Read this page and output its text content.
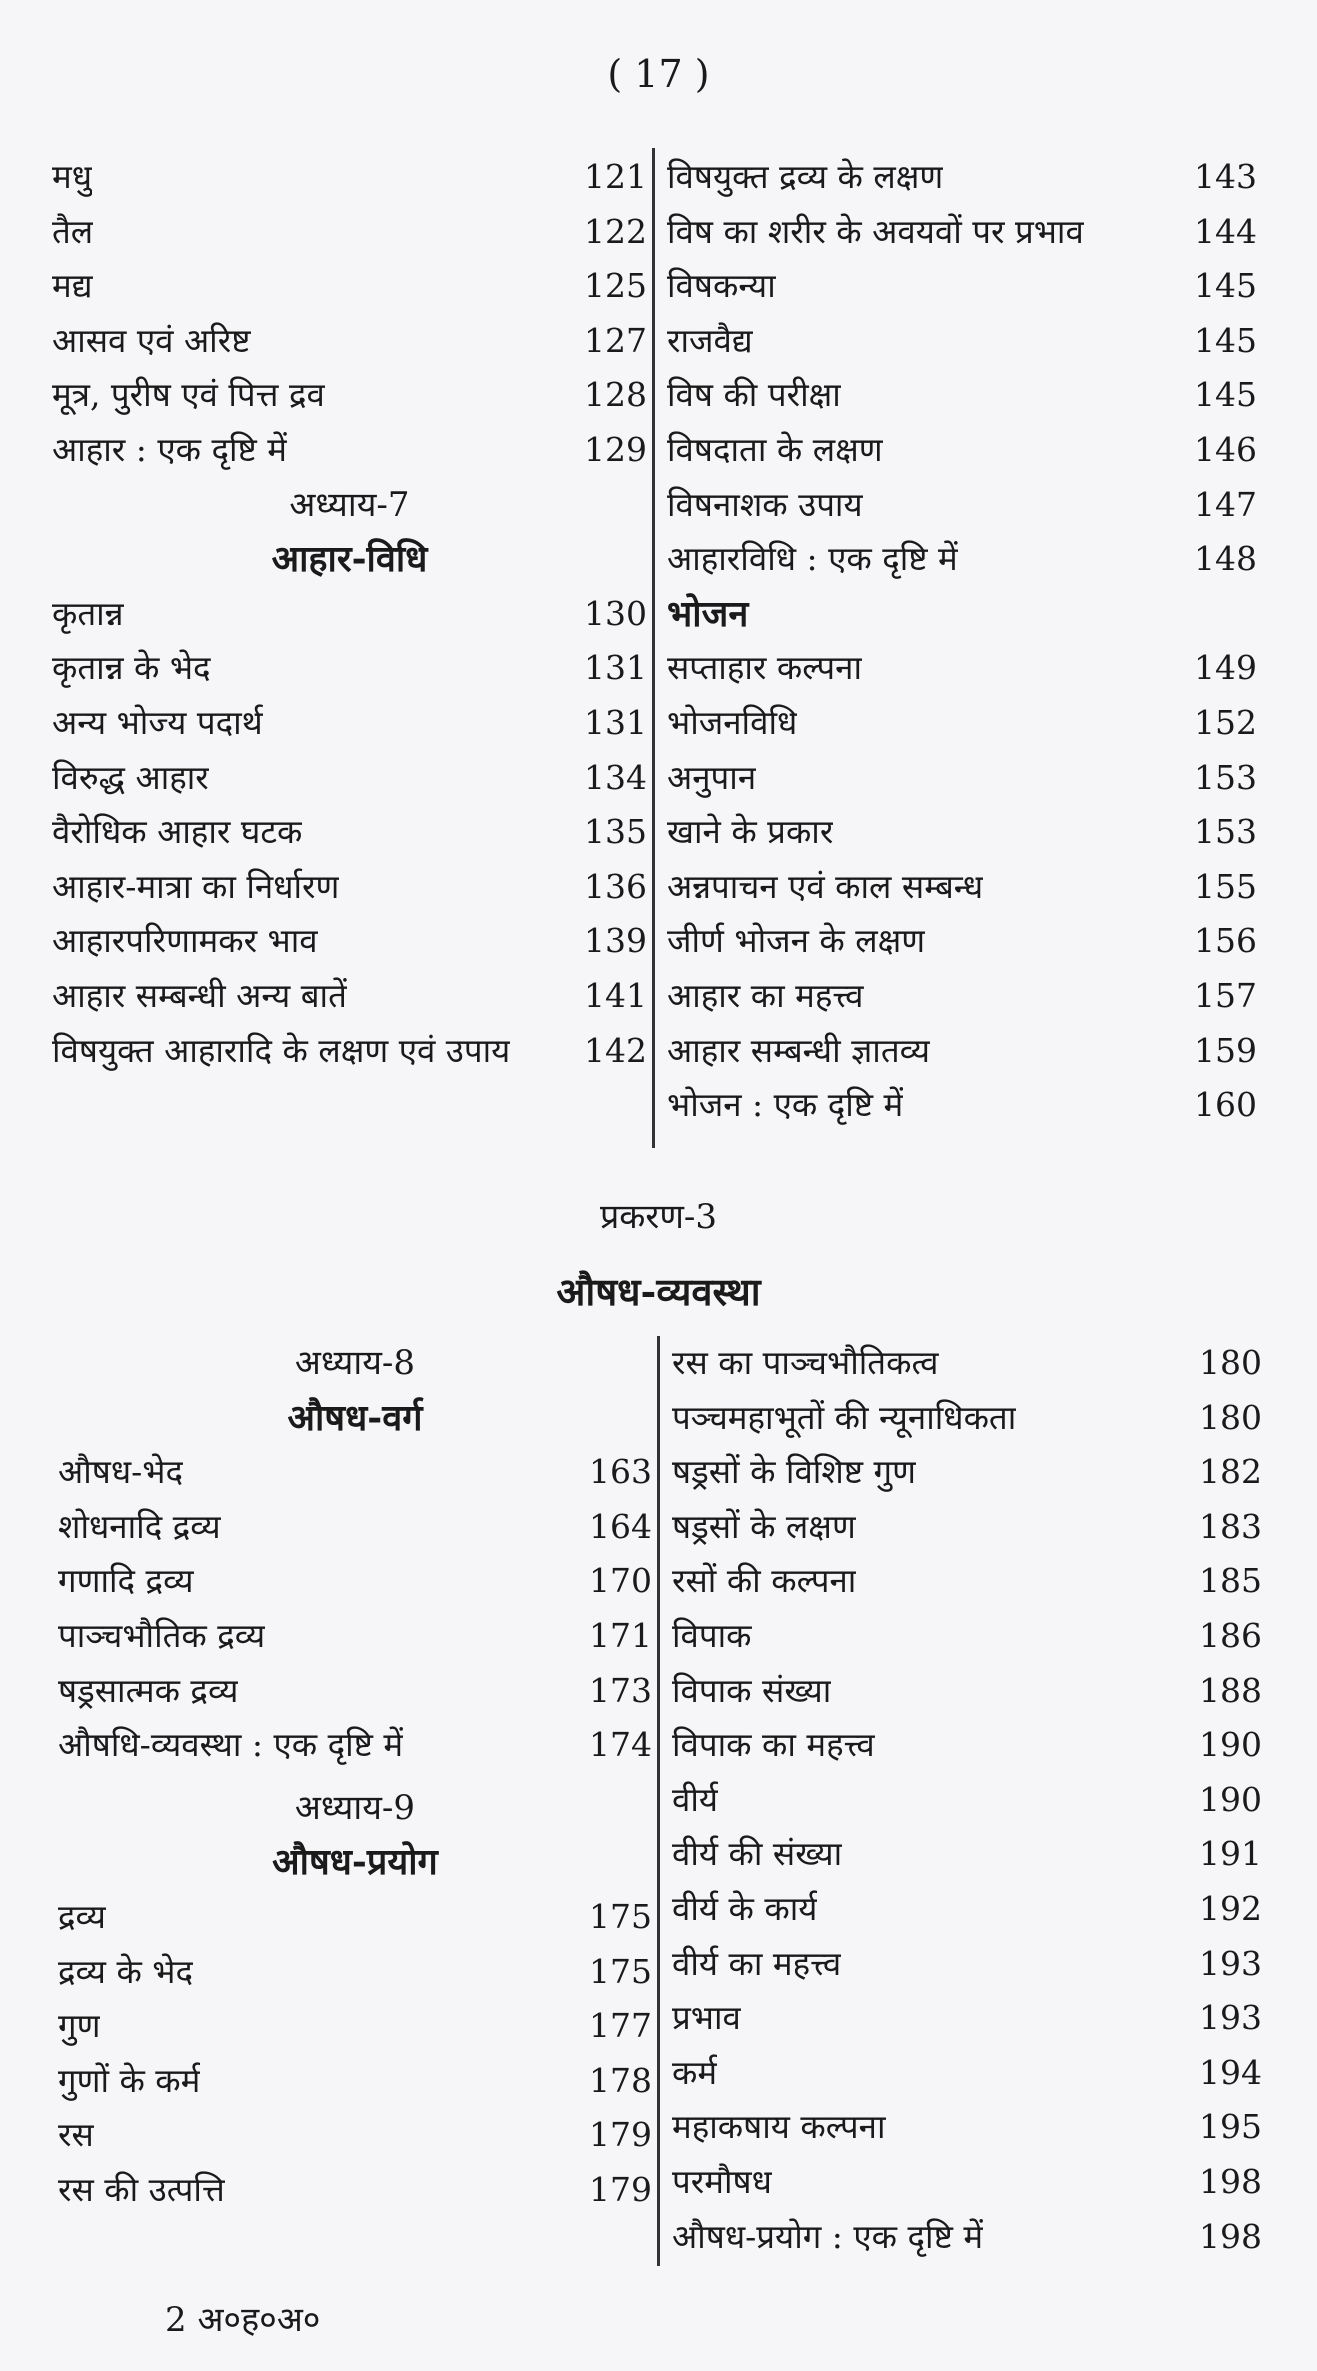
( 17 )
मधु	121
तैल	122
मद्य	125
आसव एवं अरिष्ट	127
मूत्र, पुरीष एवं पित्त द्रव	128
आहार : एक दृष्टि में	129
अध्याय-7
आहार-विधि
कृतान्न	130
कृतान्न के भेद	131
अन्य भोज्य पदार्थ	131
विरुद्ध आहार	134
वैरोधिक आहार घटक	135
आहार-मात्रा का निर्धारण	136
आहारपरिणामकर भाव	139
आहार सम्बन्धी अन्य बातें	141
विषयुक्त आहारादि के लक्षण एवं उपाय	142
विषयुक्त द्रव्य के लक्षण	143
विष का शरीर के अवयवों पर प्रभाव	144
विषकन्या	145
राजवैद्य	145
विष की परीक्षा	145
विषदाता के लक्षण	146
विषनाशक उपाय	147
आहारविधि : एक दृष्टि में	148
भोजन
सप्ताहार कल्पना	149
भोजनविधि	152
अनुपान	153
खाने के प्रकार	153
अन्नपाचन एवं काल सम्बन्ध	155
जीर्ण भोजन के लक्षण	156
आहार का महत्त्व	157
आहार सम्बन्धी ज्ञातव्य	159
भोजन : एक दृष्टि में	160
प्रकरण-3
औषध-व्यवस्था
अध्याय-8
औषध-वर्ग
औषध-भेद	163
शोधनादि द्रव्य	164
गणादि द्रव्य	170
पाञ्चभौतिक द्रव्य	171
षड्रसात्मक द्रव्य	173
औषधि-व्यवस्था : एक दृष्टि में	174
अध्याय-9
औषध-प्रयोग
द्रव्य	175
द्रव्य के भेद	175
गुण	177
गुणों के कर्म	178
रस	179
रस की उत्पत्ति	179
रस का पाञ्चभौतिकत्व	180
पञ्चमहाभूतों की न्यूनाधिकता	180
षड्रसों के विशिष्ट गुण	182
षड्रसों के लक्षण	183
रसों की कल्पना	185
विपाक	186
विपाक संख्या	188
विपाक का महत्त्व	190
वीर्य	190
वीर्य की संख्या	191
वीर्य के कार्य	192
वीर्य का महत्त्व	193
प्रभाव	193
कर्म	194
महाकषाय कल्पना	195
परमौषध	198
औषध-प्रयोग : एक दृष्टि में	198
2 अ०ह०अ०
